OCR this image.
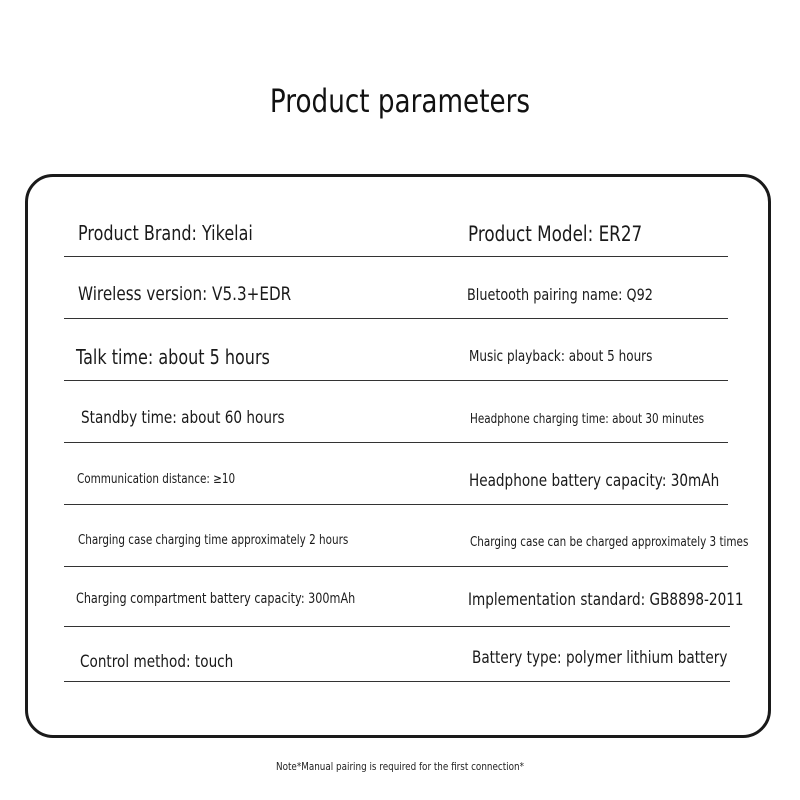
Product parameters
Product Brand: Yikelai	Product Model: ER27
Wireless version: V5.3+EDR	Bluetooth pairing name: Q92
Talk time: about 5 hours	Music playback: about 5 hours
Standby time: about 60 hours	Headphone charging time: about 30 minutes
Communication distance: ≥10	Headphone battery capacity: 30mAh
Charging case charging time approximately 2 hours	Charging case can be charged approximately 3 times
Charging compartment battery capacity: 300mAh	Implementation standard: GB8898-2011
Control method: touch	Battery type: polymer lithium battery
Note*Manual pairing is required for the first connection*
